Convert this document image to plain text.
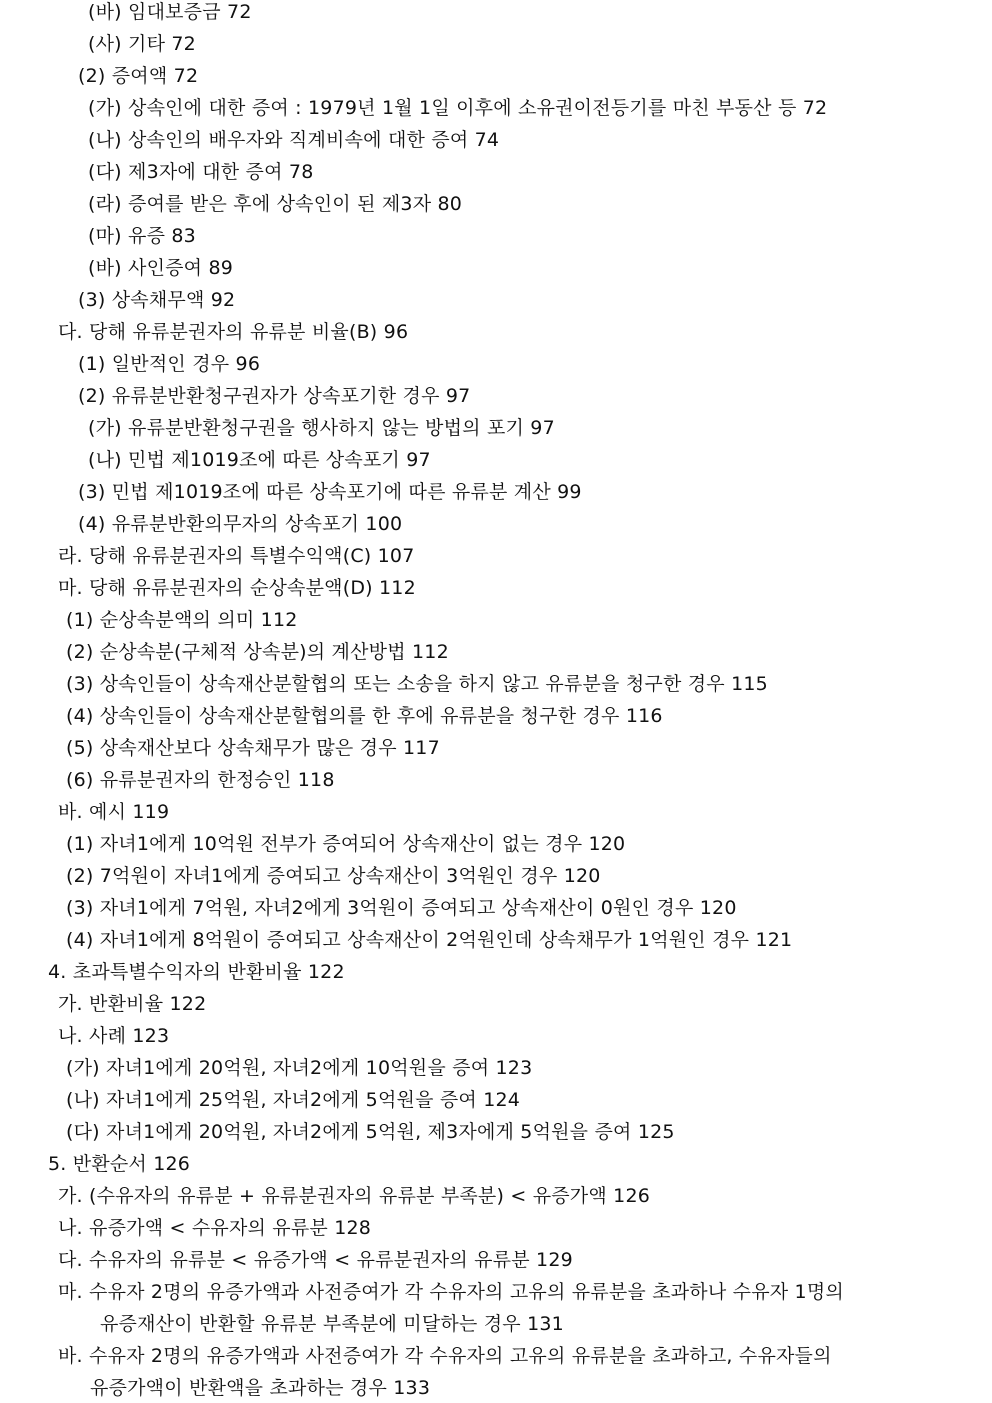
(바) 임대보증금 72
(사) 기타 72
(2) 증여액 72
(가) 상속인에 대한 증여 : 1979년 1월 1일 이후에 소유권이전등기를 마친 부동산 등 72
(나) 상속인의 배우자와 직계비속에 대한 증여 74
(다) 제3자에 대한 증여 78
(라) 증여를 받은 후에 상속인이 된 제3자 80
(마) 유증 83
(바) 사인증여 89
(3) 상속채무액 92
다. 당해 유류분권자의 유류분 비율(B) 96
(1) 일반적인 경우 96
(2) 유류분반환청구권자가 상속포기한 경우 97
(가) 유류분반환청구권을 행사하지 않는 방법의 포기 97
(나) 민법 제1019조에 따른 상속포기 97
(3) 민법 제1019조에 따른 상속포기에 따른 유류분 계산 99
(4) 유류분반환의무자의 상속포기 100
라. 당해 유류분권자의 특별수익액(C) 107
마. 당해 유류분권자의 순상속분액(D) 112
(1) 순상속분액의 의미 112
(2) 순상속분(구체적 상속분)의 계산방법 112
(3) 상속인들이 상속재산분할협의 또는 소송을 하지 않고 유류분을 청구한 경우 115
(4) 상속인들이 상속재산분할협의를 한 후에 유류분을 청구한 경우 116
(5) 상속재산보다 상속채무가 많은 경우 117
(6) 유류분권자의 한정승인 118
바. 예시 119
(1) 자녀1에게 10억원 전부가 증여되어 상속재산이 없는 경우 120
(2) 7억원이 자녀1에게 증여되고 상속재산이 3억원인 경우 120
(3) 자녀1에게 7억원, 자녀2에게 3억원이 증여되고 상속재산이 0원인 경우 120
(4) 자녀1에게 8억원이 증여되고 상속재산이 2억원인데 상속채무가 1억원인 경우 121
4. 초과특별수익자의 반환비율 122
가. 반환비율 122
나. 사례 123
(가) 자녀1에게 20억원, 자녀2에게 10억원을 증여 123
(나) 자녀1에게 25억원, 자녀2에게 5억원을 증여 124
(다) 자녀1에게 20억원, 자녀2에게 5억원, 제3자에게 5억원을 증여 125
5. 반환순서 126
가. (수유자의 유류분 + 유류분권자의 유류분 부족분) < 유증가액 126
나. 유증가액 < 수유자의 유류분 128
다. 수유자의 유류분 < 유증가액 < 유류분권자의 유류분 129
마. 수유자 2명의 유증가액과 사전증여가 각 수유자의 고유의 유류분을 초과하나 수유자 1명의
유증재산이 반환할 유류분 부족분에 미달하는 경우 131
바. 수유자 2명의 유증가액과 사전증여가 각 수유자의 고유의 유류분을 초과하고, 수유자들의
유증가액이 반환액을 초과하는 경우 133
